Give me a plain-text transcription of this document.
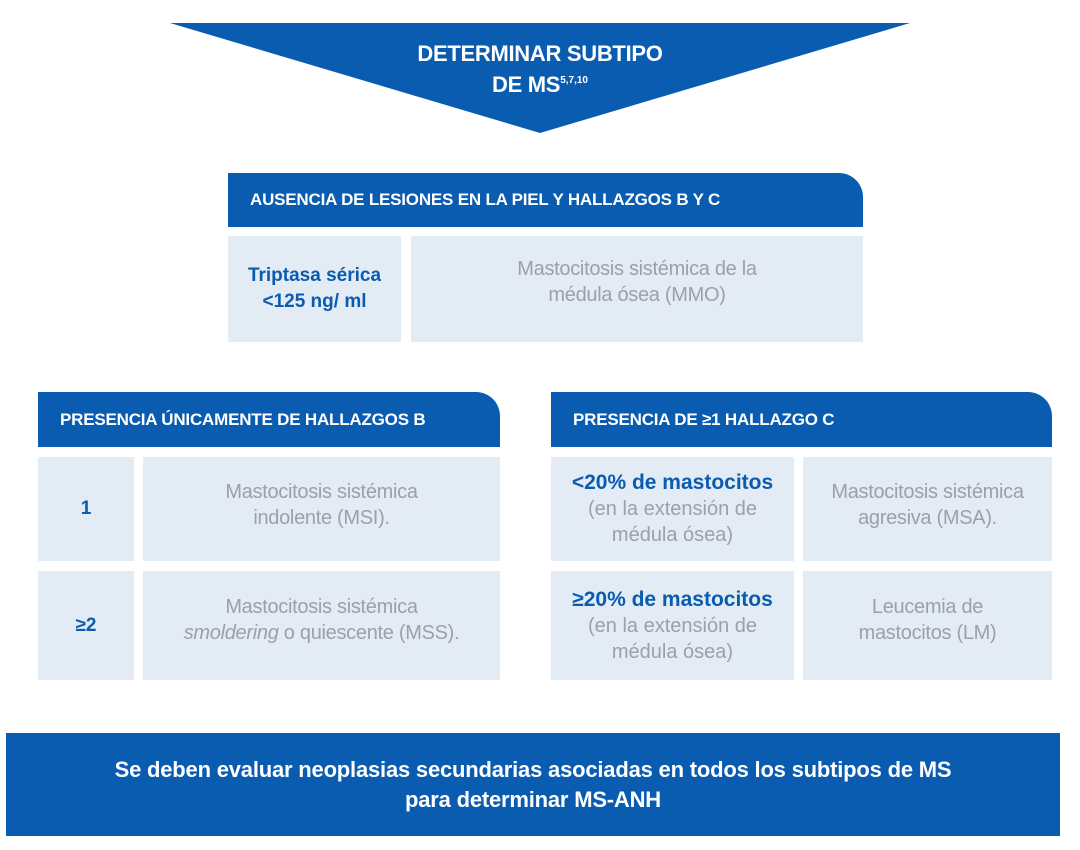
DETERMINAR SUBTIPO
DE MS$^{5,7,10}$
AUSENCIA DE LESIONES EN LA PIEL Y HALLAZGOS B Y C
Triptasa sérica
<125 ng/ ml
Mastocitosis sistémica de la
médula ósea (MMO)
PRESENCIA ÚNICAMENTE DE HALLAZGOS B
1
Mastocitosis sistémica
indolente (MSI).
≥2
Mastocitosis sistémica
smoldering o quiescente (MSS).
PRESENCIA DE ≥1 HALLAZGO C
<20% de mastocitos
(en la extensión de
médula ósea)
Mastocitosis sistémica
agresiva (MSA).
≥20% de mastocitos
(en la extensión de
médula ósea)
Leucemia de
mastocitos (LM)
Se deben evaluar neoplasias secundarias asociadas en todos los subtipos de MS
para determinar MS-ANH
